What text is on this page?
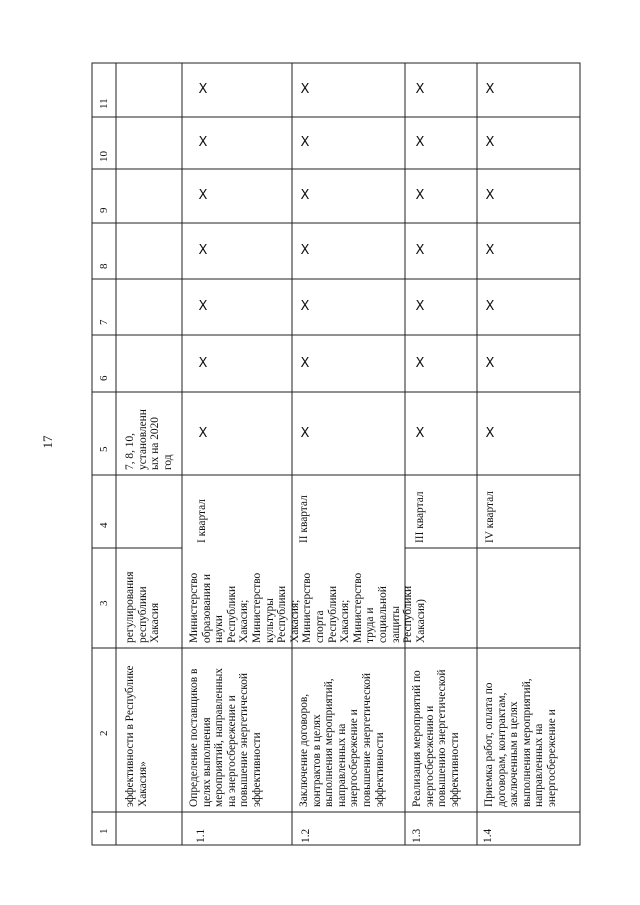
17
11
10
9
8
7
6
5
4
3
2
1
эффективности в Республике
Хакасия»
регулирования
республики
Хакасия
7, 8, 10,
установленн
ых на 2020
год
1.1
Определение поставщиков в
целях выполнения
мероприятий, направленных
на энергосбережение и
повышение энергетической
эффективности
I квартал
1.2
Заключение договоров,
контрактов в целях
выполнения мероприятий,
направленных на
энергосбережение и
повышение энергетической
эффективности
II квартал
1.3
Реализация мероприятий по
энергосбережению и
повышению энергетической
эффективности
III квартал
1.4
Приемка работ, оплата по
договорам, контрактам,
заключенным в целях
выполнения мероприятий,
направленных на
энергосбережение и
IV квартал
Министерство
образования и
науки
Республики
Хакасия;
Министерство
культуры
Республики
Хакасия;
Министерство
спорта
Республики
Хакасия;
Министерство
труда и
социальной
защиты
Республики
Хакасия)
X
X
X
X
X
X
X
X
X
X
X
X
X
X
X
X
X
X
X
X
X
X
X
X
X
X
X
X
